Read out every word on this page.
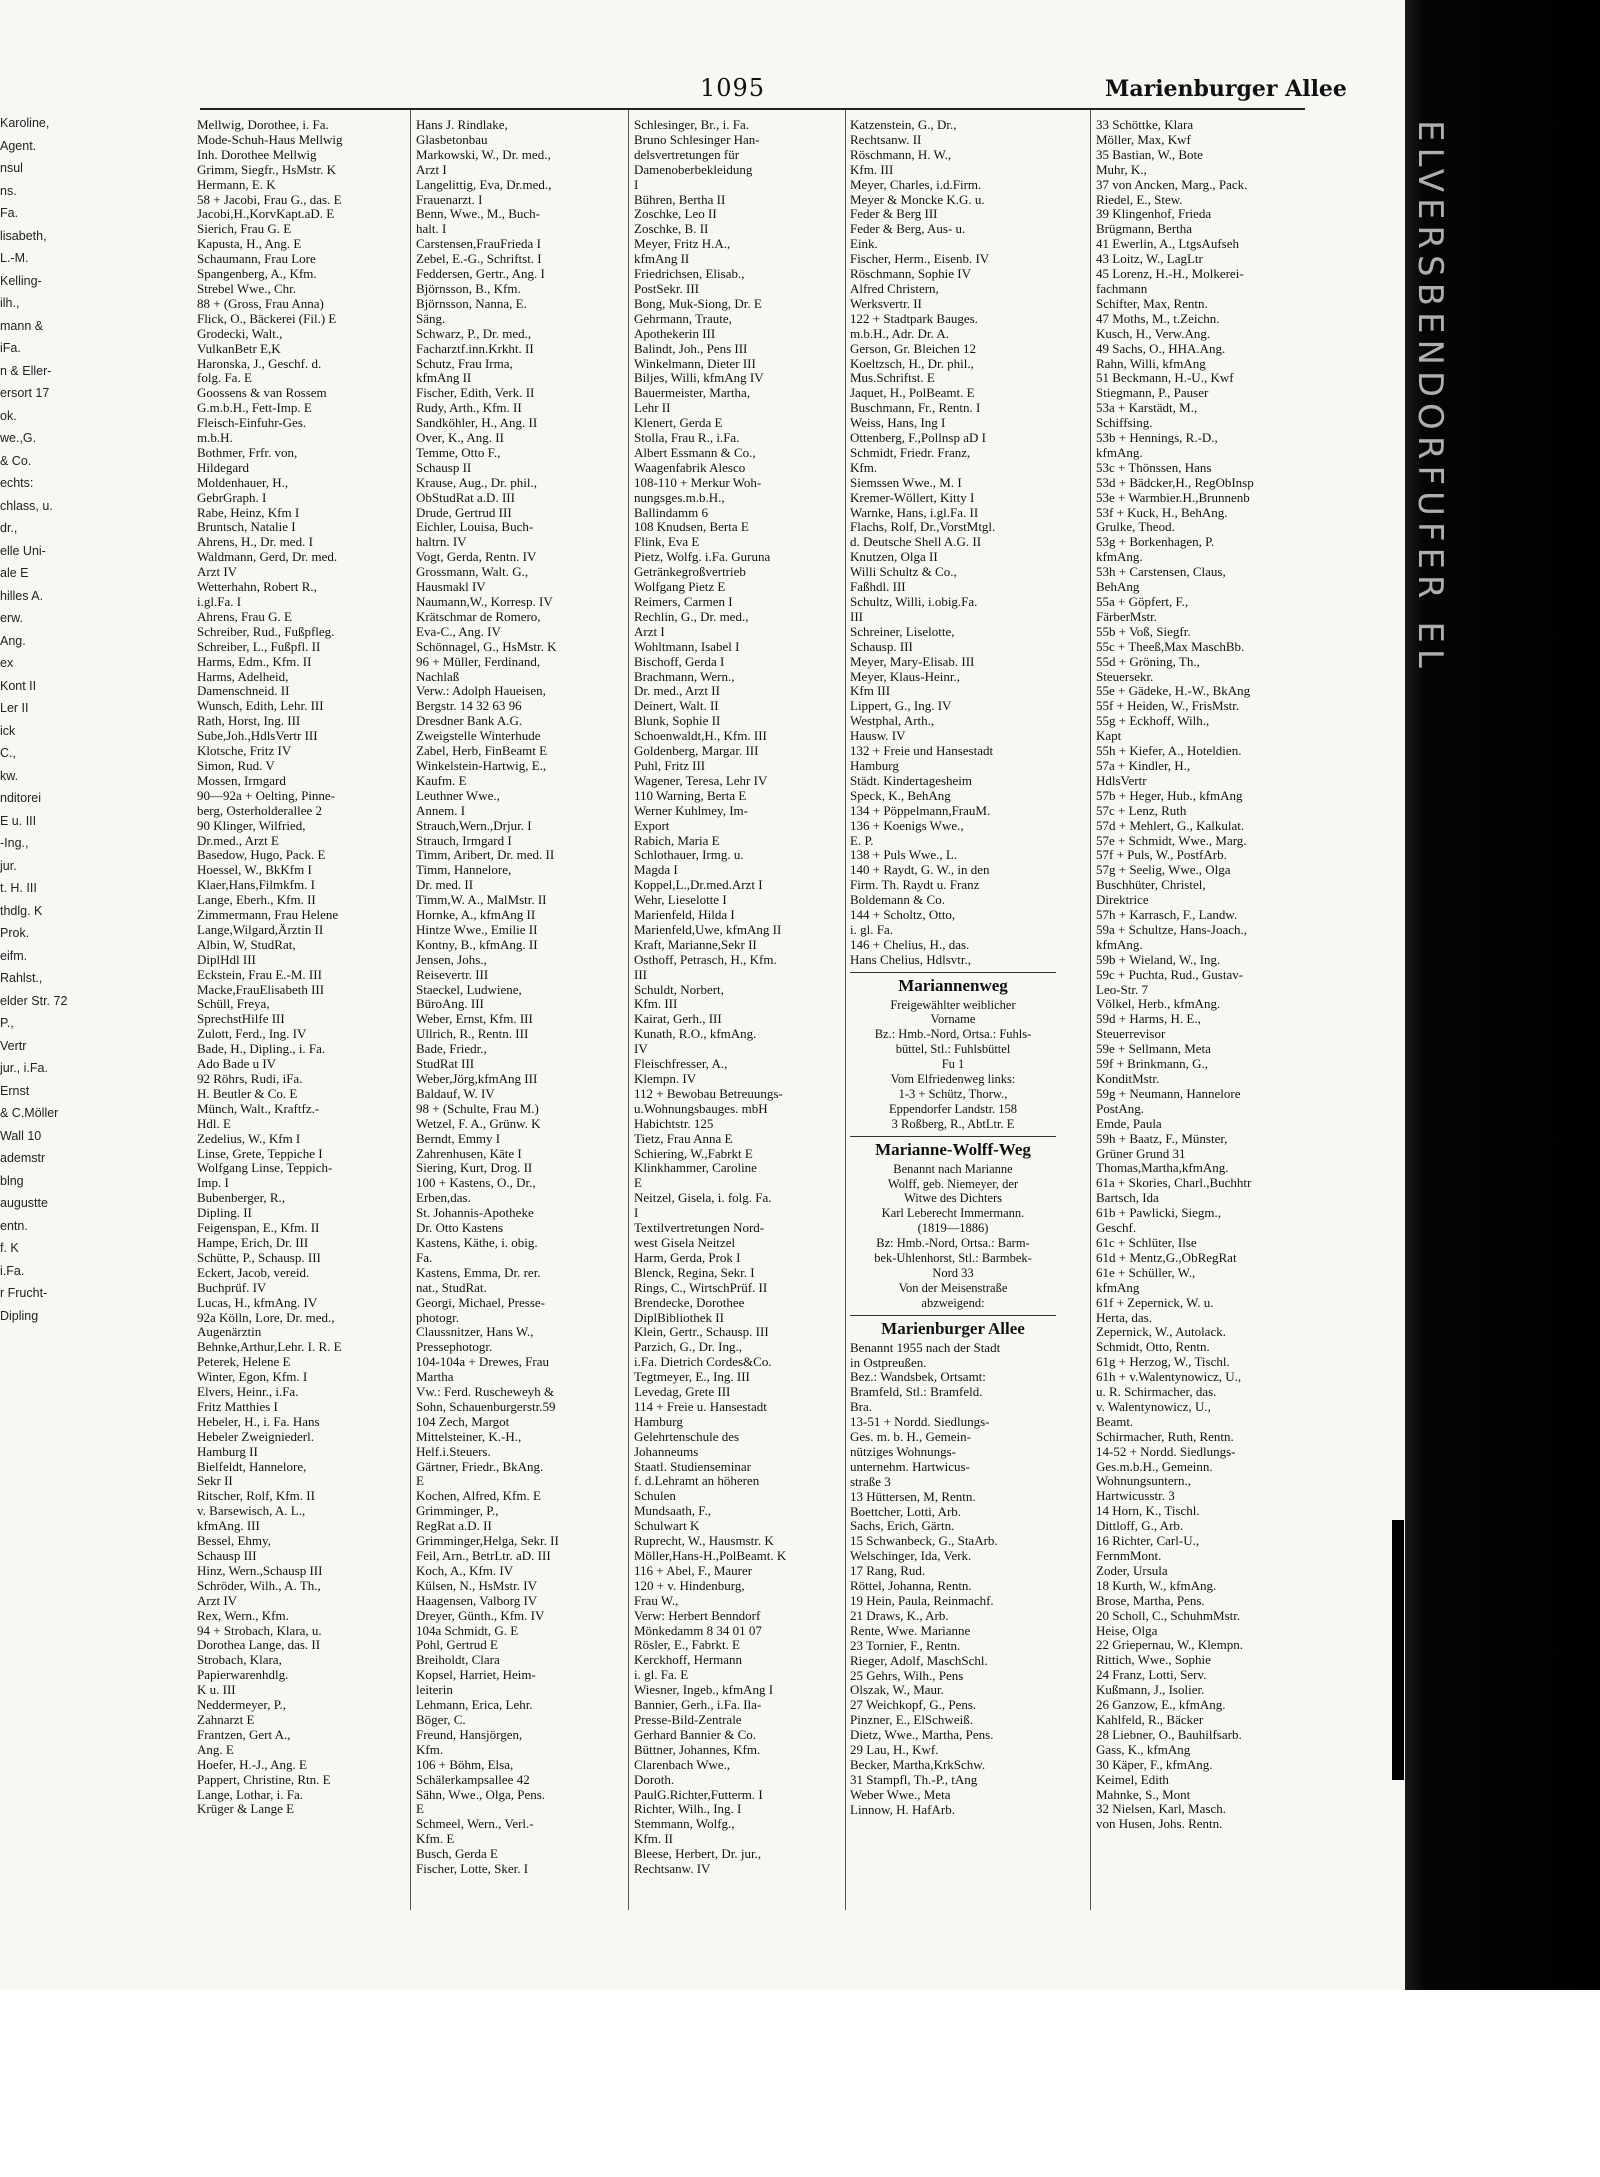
ELVERSBENDORFUFER EL
1095	Marienburger Allee
Karoline,
Agent.
nsul
ns.
Fa.
lisabeth,
L.-M.
Kelling-
ilh.,
mann &
iFa.
n & Eller-
ersort 17
ok.
we.,G.
& Co.
echts:
chlass, u.
dr.,
elle Uni-
ale E
hilles A.
erw.
Ang.
ex
Kont II
Ler II
ick
C.,
kw.
nditorei
E u. III
-Ing.,
jur.
t. H. III
thdlg. K
Prok.
eifm.
Rahlst.,
elder Str. 72
P.,
Vertr
jur., i.Fa.
Ernst
& C.Möller
Wall 10
ademstr
blng
augustte
entn.
f. K
i.Fa.
r Frucht-
Dipling
Mellwig, Dorothee, i. Fa.
Mode-Schuh-Haus Mellwig
Inh. Dorothee Mellwig
Grimm, Siegfr., HsMstr. K
Hermann, E. K
58 + Jacobi, Frau G., das. E
Jacobi,H.,KorvKapt.aD. E
Sierich, Frau G. E
Kapusta, H., Ang. E
Schaumann, Frau Lore
Spangenberg, A., Kfm.
Strebel Wwe., Chr.
88 + (Gross, Frau Anna)
Flick, O., Bäckerei (Fil.) E
Grodecki, Walt.,
VulkanBetr E,K
Haronska, J., Geschf. d.
folg. Fa. E
Goossens & van Rossem
G.m.b.H., Fett-Imp. E
Fleisch-Einfuhr-Ges.
m.b.H.
Bothmer, Frfr. von,
Hildegard
Moldenhauer, H.,
GebrGraph. I
Rabe, Heinz, Kfm I
Bruntsch, Natalie I
Ahrens, H., Dr. med. I
Waldmann, Gerd, Dr. med.
Arzt IV
Wetterhahn, Robert R.,
i.gl.Fa. I
Ahrens, Frau G. E
Schreiber, Rud., Fußpfleg.
Schreiber, L., Fußpfl. II
Harms, Edm., Kfm. II
Harms, Adelheid,
Damenschneid. II
Wunsch, Edith, Lehr. III
Rath, Horst, Ing. III
Sube,Joh.,HdlsVertr III
Klotsche, Fritz IV
Simon, Rud. V
Mossen, Irmgard
90—92a + Oelting, Pinne-
berg, Osterholderallee 2
90 Klinger, Wilfried,
Dr.med., Arzt E
Basedow, Hugo, Pack. E
Hoessel, W., BkKfm I
Klaer,Hans,Filmkfm. I
Lange, Eberh., Kfm. II
Zimmermann, Frau Helene
Lange,Wilgard,Ärztin II
Albin, W, StudRat,
DiplHdl III
Eckstein, Frau E.-M. III
Macke,FrauElisabeth III
Schüll, Freya,
SprechstHilfe III
Zulott, Ferd., Ing. IV
Bade, H., Dipling., i. Fa.
Ado Bade u IV
92 Röhrs, Rudi, iFa.
H. Beutler & Co. E
Münch, Walt., Kraftfz.-
Hdl. E
Zedelius, W., Kfm I
Linse, Grete, Teppiche I
Wolfgang Linse, Teppich-
Imp. I
Bubenberger, R.,
Dipling. II
Feigenspan, E., Kfm. II
Hampe, Erich, Dr. III
Schütte, P., Schausp. III
Eckert, Jacob, vereid.
Buchprüf. IV
Lucas, H., kfmAng. IV
92a Kölln, Lore, Dr. med.,
Augenärztin
Behnke,Arthur,Lehr. I. R. E
Peterek, Helene E
Winter, Egon, Kfm. I
Elvers, Heinr., i.Fa.
Fritz Matthies I
Hebeler, H., i. Fa. Hans
Hebeler Zweigniederl.
Hamburg II
Bielfeldt, Hannelore,
Sekr II
Ritscher, Rolf, Kfm. II
v. Barsewisch, A. L.,
kfmAng. III
Bessel, Ehmy,
Schausp III
Hinz, Wern.,Schausp III
Schröder, Wilh., A. Th.,
Arzt IV
Rex, Wern., Kfm.
94 + Strobach, Klara, u.
Dorothea Lange, das. II
Strobach, Klara,
Papierwarenhdlg.
K u. III
Neddermeyer, P.,
Zahnarzt E
Frantzen, Gert A.,
Ang. E
Hoefer, H.-J., Ang. E
Pappert, Christine, Rtn. E
Lange, Lothar, i. Fa.
Krüger & Lange E
Hans J. Rindlake,
Glasbetonbau
Markowski, W., Dr. med.,
Arzt I
Langelittig, Eva, Dr.med.,
Frauenarzt. I
Benn, Wwe., M., Buch-
halt. I
Carstensen,FrauFrieda I
Zebel, E.-G., Schriftst. I
Feddersen, Gertr., Ang. I
Björnsson, B., Kfm.
Björnsson, Nanna, E.
Säng.
Schwarz, P., Dr. med.,
Facharztf.inn.Krkht. II
Schutz, Frau Irma,
kfmAng II
Fischer, Edith, Verk. II
Rudy, Arth., Kfm. II
Sandköhler, H., Ang. II
Over, K., Ang. II
Temme, Otto F.,
Schausp II
Krause, Aug., Dr. phil.,
ObStudRat a.D. III
Drude, Gertrud III
Eichler, Louisa, Buch-
haltrn. IV
Vogt, Gerda, Rentn. IV
Grossmann, Walt. G.,
Hausmakl IV
Naumann,W., Korresp. IV
Krätschmar de Romero,
Eva-C., Ang. IV
Schönnagel, G., HsMstr. K
96 + Müller, Ferdinand,
Nachlaß
Verw.: Adolph Haueisen,
Bergstr. 14 32 63 96
Dresdner Bank A.G.
Zweigstelle Winterhude
Zabel, Herb, FinBeamt E
Winkelstein-Hartwig, E.,
Kaufm. E
Leuthner Wwe.,
Annem. I
Strauch,Wern.,Drjur. I
Strauch, Irmgard I
Timm, Aribert, Dr. med. II
Timm, Hannelore,
Dr. med. II
Timm,W. A., MalMstr. II
Hornke, A., kfmAng II
Hintze Wwe., Emilie II
Kontny, B., kfmAng. II
Jensen, Johs.,
Reisevertr. III
Staeckel, Ludwiene,
BüroAng. III
Weber, Ernst, Kfm. III
Ullrich, R., Rentn. III
Bade, Friedr.,
StudRat III
Weber,Jörg,kfmAng III
Baldauf, W. IV
98 + (Schulte, Frau M.)
Wetzel, F. A., Grünw. K
Berndt, Emmy I
Zahrenhusen, Käte I
Siering, Kurt, Drog. II
100 + Kastens, O., Dr.,
Erben,das.
St. Johannis-Apotheke
Dr. Otto Kastens
Kastens, Käthe, i. obig.
Fa.
Kastens, Emma, Dr. rer.
nat., StudRat.
Georgi, Michael, Presse-
photogr.
Claussnitzer, Hans W.,
Pressephotogr.
104-104a + Drewes, Frau
Martha
Vw.: Ferd. Ruscheweyh &
Sohn, Schauenburgerstr.59
104 Zech, Margot
Mittelsteiner, K.-H.,
Helf.i.Steuers.
Gärtner, Friedr., BkAng.
E
Kochen, Alfred, Kfm. E
Grimminger, P.,
RegRat a.D. II
Grimminger,Helga, Sekr. II
Feil, Arn., BetrLtr. aD. III
Koch, A., Kfm. IV
Külsen, N., HsMstr. IV
Haagensen, Valborg IV
Dreyer, Günth., Kfm. IV
104a Schmidt, G. E
Pohl, Gertrud E
Breiholdt, Clara
Kopsel, Harriet, Heim-
leiterin
Lehmann, Erica, Lehr.
Böger, C.
Freund, Hansjörgen,
Kfm.
106 + Böhm, Elsa,
Schälerkampsallee 42
Sähn, Wwe., Olga, Pens.
E
Schmeel, Wern., Verl.-
Kfm. E
Busch, Gerda E
Fischer, Lotte, Sker. I
Schlesinger, Br., i. Fa.
Bruno Schlesinger Han-
delsvertretungen für
Damenoberbekleidung
I
Bühren, Bertha II
Zoschke, Leo II
Zoschke, B. II
Meyer, Fritz H.A.,
kfmAng II
Friedrichsen, Elisab.,
PostSekr. III
Bong, Muk-Siong, Dr. E
Gehrmann, Traute,
Apothekerin III
Balindt, Joh., Pens III
Winkelmann, Dieter III
Biljes, Willi, kfmAng IV
Bauermeister, Martha,
Lehr II
Klenert, Gerda E
Stolla, Frau R., i.Fa.
Albert Essmann & Co.,
Waagenfabrik Alesco
108-110 + Merkur Woh-
nungsges.m.b.H.,
Ballindamm 6
108 Knudsen, Berta E
Flink, Eva E
Pietz, Wolfg. i.Fa. Guruna
Getränkegroßvertrieb
Wolfgang Pietz E
Reimers, Carmen I
Rechlin, G., Dr. med.,
Arzt I
Wohltmann, Isabel I
Bischoff, Gerda I
Brachmann, Wern.,
Dr. med., Arzt II
Deinert, Walt. II
Blunk, Sophie II
Schoenwaldt,H., Kfm. III
Goldenberg, Margar. III
Puhl, Fritz III
Wagener, Teresa, Lehr IV
110 Warning, Berta E
Werner Kuhlmey, Im-
Export
Rabich, Maria E
Schlothauer, Irmg. u.
Magda I
Koppel,L.,Dr.med.Arzt I
Wehr, Lieselotte I
Marienfeld, Hilda I
Marienfeld,Uwe, kfmAng II
Kraft, Marianne,Sekr II
Osthoff, Petrasch, H., Kfm.
III
Schuldt, Norbert,
Kfm. III
Kairat, Gerh., III
Kunath, R.O., kfmAng.
IV
Fleischfresser, A.,
Klempn. IV
112 + Bewobau Betreuungs-
u.Wohnungsbauges. mbH
Habichtstr. 125
Tietz, Frau Anna E
Schiering, W.,Fabrkt E
Klinkhammer, Caroline
E
Neitzel, Gisela, i. folg. Fa.
I
Textilvertretungen Nord-
west Gisela Neitzel
Harm, Gerda, Prok I
Blenck, Regina, Sekr. I
Rings, C., WirtschPrüf. II
Brendecke, Dorothee
DiplBibliothek II
Klein, Gertr., Schausp. III
Parzich, G., Dr. Ing.,
i.Fa. Dietrich Cordes&Co.
Tegtmeyer, E., Ing. III
Levedag, Grete III
114 + Freie u. Hansestadt
Hamburg
Gelehrtenschule des
Johanneums
Staatl. Studienseminar
f. d.Lehramt an höheren
Schulen
Mundsaath, F.,
Schulwart K
Ruprecht, W., Hausmstr. K
Möller,Hans-H.,PolBeamt. K
116 + Abel, F., Maurer
120 + v. Hindenburg,
Frau W.,
Verw: Herbert Benndorf
Mönkedamm 8 34 01 07
Rösler, E., Fabrkt. E
Kerckhoff, Hermann
i. gl. Fa. E
Wiesner, Ingeb., kfmAng I
Bannier, Gerh., i.Fa. Ila-
Presse-Bild-Zentrale
Gerhard Bannier & Co.
Büttner, Johannes, Kfm.
Clarenbach Wwe.,
Doroth.
PaulG.Richter,Futterm. I
Richter, Wilh., Ing. I
Stemmann, Wolfg.,
Kfm. II
Bleese, Herbert, Dr. jur.,
Rechtsanw. IV
Katzenstein, G., Dr.,
Rechtsanw. II
Röschmann, H. W.,
Kfm. III
Meyer, Charles, i.d.Firm.
Meyer & Moncke K.G. u.
Feder & Berg III
Feder & Berg, Aus- u.
Eink.
Fischer, Herm., Eisenb. IV
Röschmann, Sophie IV
Alfred Christern,
Werksvertr. II
122 + Stadtpark Bauges.
m.b.H., Adr. Dr. A.
Gerson, Gr. Bleichen 12
Koeltzsch, H., Dr. phil.,
Mus.Schriftst. E
Jaquet, H., PolBeamt. E
Buschmann, Fr., Rentn. I
Weiss, Hans, Ing I
Ottenberg, F.,Pollnsp aD I
Schmidt, Friedr. Franz,
Kfm.
Siemssen Wwe., M. I
Kremer-Wöllert, Kitty I
Warnke, Hans, i.gl.Fa. II
Flachs, Rolf, Dr.,VorstMtgl.
d. Deutsche Shell A.G. II
Knutzen, Olga II
Willi Schultz & Co.,
Faßhdl. III
Schultz, Willi, i.obig.Fa.
III
Schreiner, Liselotte,
Schausp. III
Meyer, Mary-Elisab. III
Meyer, Klaus-Heinr.,
Kfm III
Lippert, G., Ing. IV
Westphal, Arth.,
Hausw. IV
132 + Freie und Hansestadt
Hamburg
Städt. Kindertagesheim
Speck, K., BehAng
134 + Pöppelmann,FrauM.
136 + Koenigs Wwe.,
E. P.
138 + Puls Wwe., L.
140 + Raydt, G. W., in den
Firm. Th. Raydt u. Franz
Boldemann & Co.
144 + Scholtz, Otto,
i. gl. Fa.
146 + Chelius, H., das.
Hans Chelius, Hdlsvtr.,
Mariannenweg
Freigewählter weiblicher
Vorname
Bz.: Hmb.-Nord, Ortsa.: Fuhls-
büttel, Stl.: Fuhlsbüttel
Fu 1
Vom Elfriedenweg links:
1-3 + Schütz, Thorw.,
Eppendorfer Landstr. 158
3 Roßberg, R., AbtLtr. E
Marianne-Wolff-Weg
Benannt nach Marianne
Wolff, geb. Niemeyer, der
Witwe des Dichters
Karl Leberecht Immermann.
(1819—1886)
Bz: Hmb.-Nord, Ortsa.: Barm-
bek-Uhlenhorst, Stl.: Barmbek-
Nord 33
Von der Meisenstraße
abzweigend:
Marienburger Allee
Benannt 1955 nach der Stadt
in Ostpreußen.
Bez.: Wandsbek, Ortsamt:
Bramfeld, Stl.: Bramfeld.
Bra.
13-51 + Nordd. Siedlungs-
Ges. m. b. H., Gemein-
nütziges Wohnungs-
unternehm. Hartwicus-
straße 3
13 Hüttersen, M, Rentn.
Boettcher, Lotti, Arb.
Sachs, Erich, Gärtn.
15 Schwanbeck, G., StaArb.
Welschinger, Ida, Verk.
17 Rang, Rud.
Röttel, Johanna, Rentn.
19 Hein, Paula, Reinmachf.
21 Draws, K., Arb.
Rente, Wwe. Marianne
23 Tornier, F., Rentn.
Rieger, Adolf, MaschSchl.
25 Gehrs, Wilh., Pens
Olszak, W., Maur.
27 Weichkopf, G., Pens.
Pinzner, E., ElSchweiß.
Dietz, Wwe., Martha, Pens.
29 Lau, H., Kwf.
Becker, Martha,KrkSchw.
31 Stampfl, Th.-P., tAng
Weber Wwe., Meta
Linnow, H. HafArb.
33 Schöttke, Klara
Möller, Max, Kwf
35 Bastian, W., Bote
Muhr, K.,
37 von Ancken, Marg., Pack.
Riedel, E., Stew.
39 Klingenhof, Frieda
Brügmann, Bertha
41 Ewerlin, A., LtgsAufseh
43 Loitz, W., LagLtr
45 Lorenz, H.-H., Molkerei-
fachmann
Schifter, Max, Rentn.
47 Moths, M., t.Zeichn.
Kusch, H., Verw.Ang.
49 Sachs, O., HHA.Ang.
Rahn, Willi, kfmAng
51 Beckmann, H.-U., Kwf
Stiegmann, P., Pauser
53a + Karstädt, M.,
Schiffsing.
53b + Hennings, R.-D.,
kfmAng.
53c + Thönssen, Hans
53d + Bädcker,H., RegObInsp
53e + Warmbier.H.,Brunnenb
53f + Kuck, H., BehAng.
Grulke, Theod.
53g + Borkenhagen, P.
kfmAng.
53h + Carstensen, Claus,
BehAng
55a + Göpfert, F.,
FärberMstr.
55b + Voß, Siegfr.
55c + Theeß,Max MaschBb.
55d + Gröning, Th.,
Steuersekr.
55e + Gädeke, H.-W., BkAng
55f + Heiden, W., FrisMstr.
55g + Eckhoff, Wilh.,
Kapt
55h + Kiefer, A., Hoteldien.
57a + Kindler, H.,
HdlsVertr
57b + Heger, Hub., kfmAng
57c + Lenz, Ruth
57d + Mehlert, G., Kalkulat.
57e + Schmidt, Wwe., Marg.
57f + Puls, W., PostfArb.
57g + Seelig, Wwe., Olga
Buschhüter, Christel,
Direktrice
57h + Karrasch, F., Landw.
59a + Schultze, Hans-Joach.,
kfmAng.
59b + Wieland, W., Ing.
59c + Puchta, Rud., Gustav-
Leo-Str. 7
Völkel, Herb., kfmAng.
59d + Harms, H. E.,
Steuerrevisor
59e + Sellmann, Meta
59f + Brinkmann, G.,
KonditMstr.
59g + Neumann, Hannelore
PostAng.
Emde, Paula
59h + Baatz, F., Münster,
Grüner Grund 31
Thomas,Martha,kfmAng.
61a + Skories, Charl.,Buchhtr
Bartsch, Ida
61b + Pawlicki, Siegm.,
Geschf.
61c + Schlüter, Ilse
61d + Mentz,G.,ObRegRat
61e + Schüller, W.,
kfmAng
61f + Zepernick, W. u.
Herta, das.
Zepernick, W., Autolack.
Schmidt, Otto, Rentn.
61g + Herzog, W., Tischl.
61h + v.Walentynowicz, U.,
u. R. Schirmacher, das.
v. Walentynowicz, U.,
Beamt.
Schirmacher, Ruth, Rentn.
14-52 + Nordd. Siedlungs-
Ges.m.b.H., Gemeinn.
Wohnungsuntern.,
Hartwicusstr. 3
14 Horn, K., Tischl.
Dittloff, G., Arb.
16 Richter, Carl-U.,
FernmMont.
Zoder, Ursula
18 Kurth, W., kfmAng.
Brose, Martha, Pens.
20 Scholl, C., SchuhmMstr.
Heise, Olga
22 Griepernau, W., Klempn.
Rittich, Wwe., Sophie
24 Franz, Lotti, Serv.
Kußmann, J., Isolier.
26 Ganzow, E., kfmAng.
Kahlfeld, R., Bäcker
28 Liebner, O., Bauhilfsarb.
Gass, K., kfmAng
30 Käper, F., kfmAng.
Keimel, Edith
Mahnke, S., Mont
32 Nielsen, Karl, Masch.
von Husen, Johs. Rentn.
